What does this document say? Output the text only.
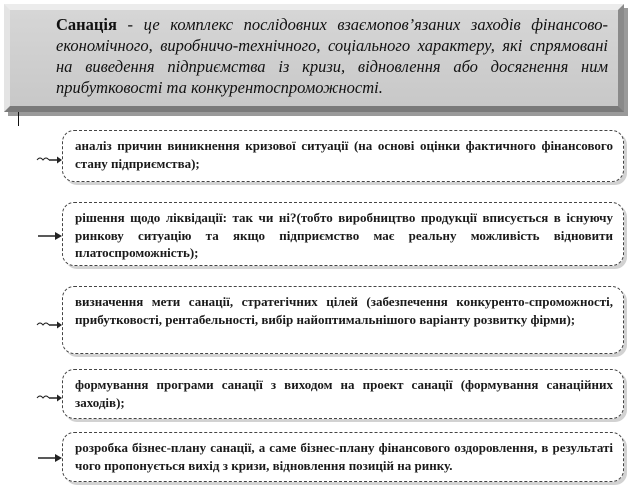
Санація - це комплекс послідовних взаємопов’язаних заходів фінансово-економічного, виробничо-технічного, соціального характеру, які спрямовані на виведення підприємства із кризи, відновлення або досягнення ним прибутковості та конкурентоспроможності.

аналіз причин виникнення кризової ситуації (на основі оцінки фактичного фінансового стану підприємства);
рішення щодо ліквідації: так чи ні?(тобто виробництво продукції вписується в існуючу ринкову ситуацію та якщо підприємство має реальну можливість відновити платоспроможність);
визначення мети санації, стратегічних цілей (забезпечення конкуренто-спроможності, прибутковості, рентабельності, вибір найоптимальнішого варіанту розвитку фірми);
формування програми санації з виходом на проект санації (формування санаційних заходів);
розробка бізнес-плану санації, а саме бізнес-плану фінансового оздоровлення, в результаті чого пропонується вихід з кризи, відновлення позицій на ринку.
